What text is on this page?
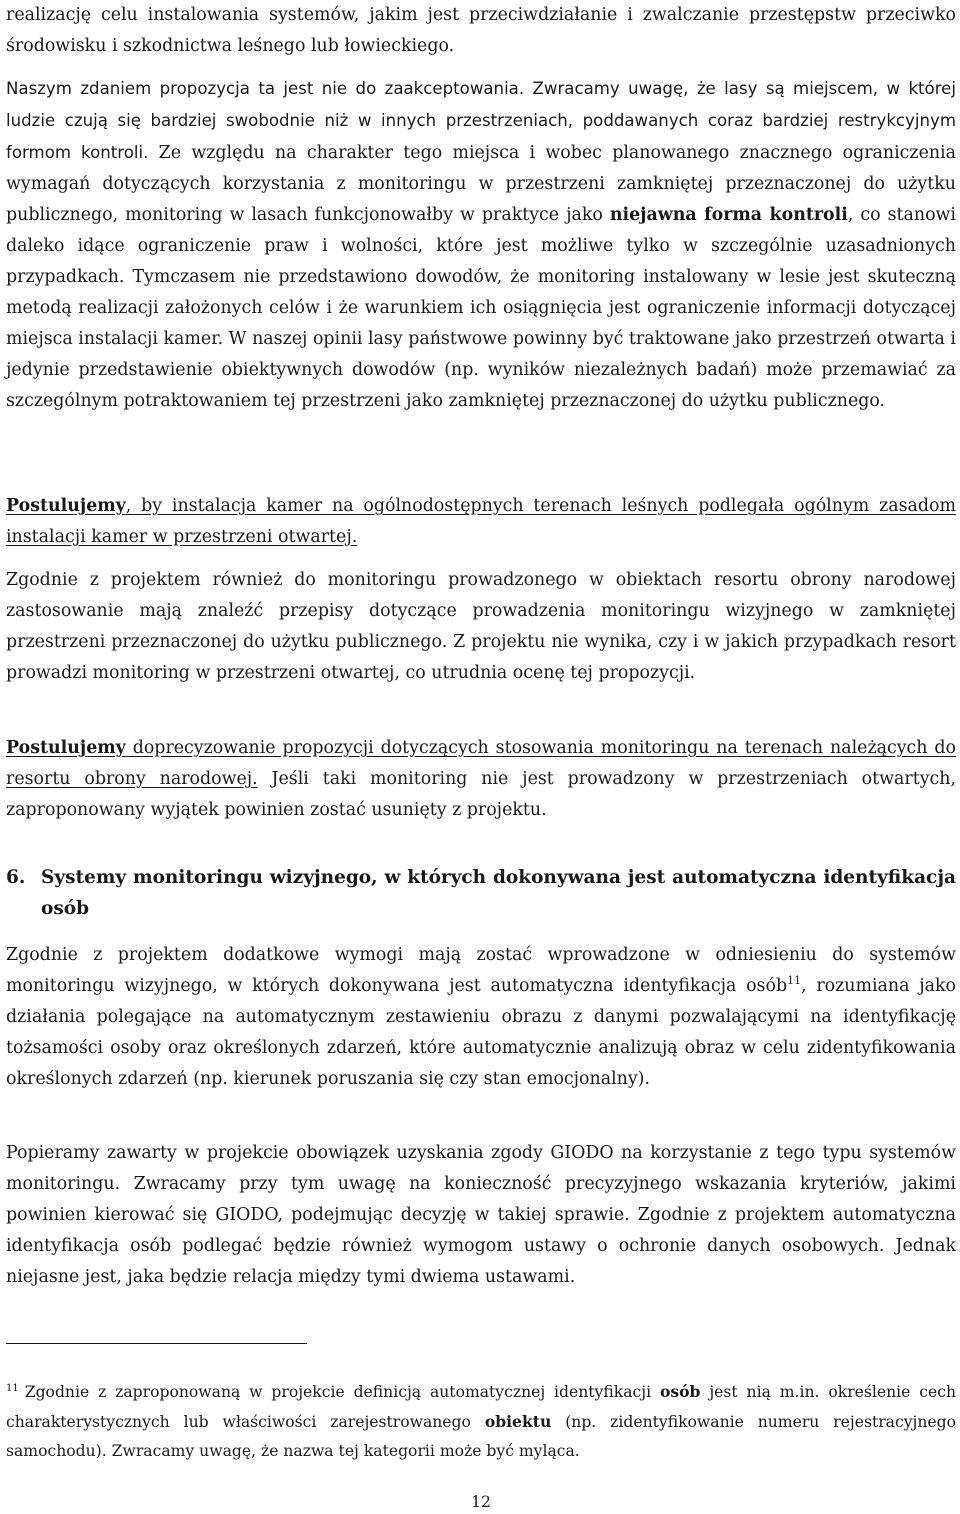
realizację celu instalowania systemów, jakim jest przeciwdziałanie i zwalczanie przestępstw przeciwko środowisku i szkodnictwa leśnego lub łowieckiego.

Naszym zdaniem propozycja ta jest nie do zaakceptowania. Zwracamy uwagę, że lasy są miejscem, w której ludzie czują się bardziej swobodnie niż w innych przestrzeniach, poddawanych coraz bardziej restrykcyjnym formom kontroli. Ze względu na charakter tego miejsca i wobec planowanego znacznego ograniczenia wymagań dotyczących korzystania z monitoringu w przestrzeni zamkniętej przeznaczonej do użytku publicznego, monitoring w lasach funkcjonowałby w praktyce jako niejawna forma kontroli, co stanowi daleko idące ograniczenie praw i wolności, które jest możliwe tylko w szczególnie uzasadnionych przypadkach. Tymczasem nie przedstawiono dowodów, że monitoring instalowany w lesie jest skuteczną metodą realizacji założonych celów i że warunkiem ich osiągnięcia jest ograniczenie informacji dotyczącej miejsca instalacji kamer. W naszej opinii lasy państwowe powinny być traktowane jako przestrzeń otwarta i jedynie przedstawienie obiektywnych dowodów (np. wyników niezależnych badań) może przemawiać za szczególnym potraktowaniem tej przestrzeni jako zamkniętej przeznaczonej do użytku publicznego.

Postulujemy, by instalacja kamer na ogólnodostępnych terenach leśnych podlegała ogólnym zasadom instalacji kamer w przestrzeni otwartej.

Zgodnie z projektem również do monitoringu prowadzonego w obiektach resortu obrony narodowej zastosowanie mają znaleźć przepisy dotyczące prowadzenia monitoringu wizyjnego w zamkniętej przestrzeni przeznaczonej do użytku publicznego. Z projektu nie wynika, czy i w jakich przypadkach resort prowadzi monitoring w przestrzeni otwartej, co utrudnia ocenę tej propozycji.

Postulujemy doprecyzowanie propozycji dotyczących stosowania monitoringu na terenach należących do resortu obrony narodowej. Jeśli taki monitoring nie jest prowadzony w przestrzeniach otwartych, zaproponowany wyjątek powinien zostać usunięty z projektu.

6. Systemy monitoringu wizyjnego, w których dokonywana jest automatyczna identyfikacja osób

Zgodnie z projektem dodatkowe wymogi mają zostać wprowadzone w odniesieniu do systemów monitoringu wizyjnego, w których dokonywana jest automatyczna identyfikacja osób$^{11}$, rozumiana jako działania polegające na automatycznym zestawieniu obrazu z danymi pozwalającymi na identyfikację tożsamości osoby oraz określonych zdarzeń, które automatycznie analizują obraz w celu zidentyfikowania określonych zdarzeń (np. kierunek poruszania się czy stan emocjonalny).

Popieramy zawarty w projekcie obowiązek uzyskania zgody GIODO na korzystanie z tego typu systemów monitoringu. Zwracamy przy tym uwagę na konieczność precyzyjnego wskazania kryteriów, jakimi powinien kierować się GIODO, podejmując decyzję w takiej sprawie. Zgodnie z projektem automatyczna identyfikacja osób podlegać będzie również wymogom ustawy o ochronie danych osobowych. Jednak niejasne jest, jaka będzie relacja między tymi dwiema ustawami.

$^{11}$ Zgodnie z zaproponowaną w projekcie definicją automatycznej identyfikacji osób jest nią m.in. określenie cech charakterystycznych lub właściwości zarejestrowanego obiektu (np. zidentyfikowanie numeru rejestracyjnego samochodu). Zwracamy uwagę, że nazwa tej kategorii może być myląca.

12
